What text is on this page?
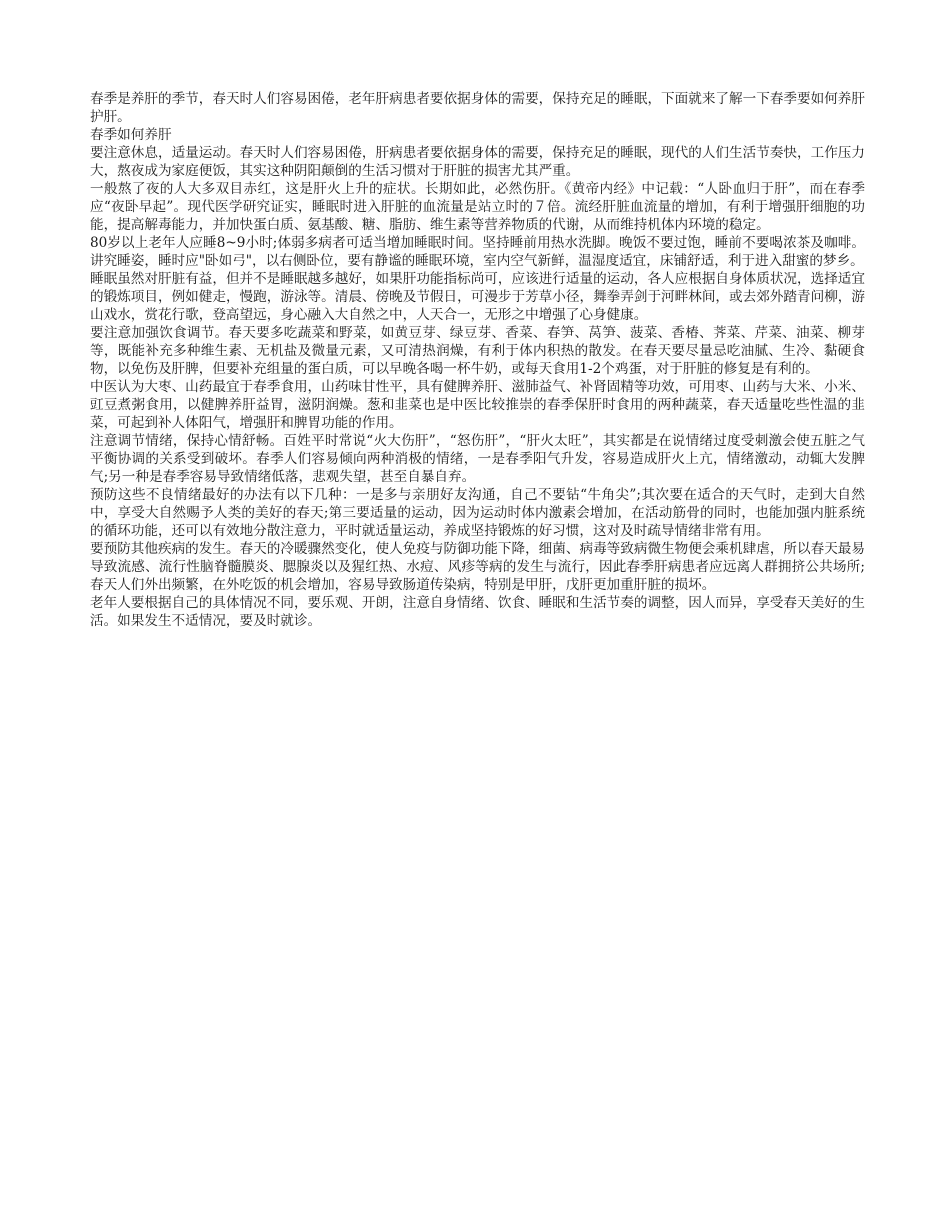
春季是养肝的季节，春天时人们容易困倦，老年肝病患者要依据身体的需要，保持充足的睡眠，下面就来了解一下春季要如何养肝护肝。

春季如何养肝

要注意休息，适量运动。春天时人们容易困倦，肝病患者要依据身体的需要，保持充足的睡眠，现代的人们生活节奏快，工作压力大，熬夜成为家庭便饭，其实这种阴阳颠倒的生活习惯对于肝脏的损害尤其严重。

一般熬了夜的人大多双目赤红，这是肝火上升的症状。长期如此，必然伤肝。《黄帝内经》中记载：“人卧血归于肝”，而在春季应“夜卧早起”。现代医学研究证实，睡眠时进入肝脏的血流量是站立时的７倍。流经肝脏血流量的增加，有利于增强肝细胞的功能，提高解毒能力，并加快蛋白质、氨基酸、糖、脂肪、维生素等营养物质的代谢，从而维持机体内环境的稳定。

80岁以上老年人应睡8~9小时;体弱多病者可适当增加睡眠时间。坚持睡前用热水洗脚。晚饭不要过饱，睡前不要喝浓茶及咖啡。讲究睡姿，睡时应"卧如弓"，以右侧卧位，要有静谧的睡眠环境，室内空气新鲜，温湿度适宜，床铺舒适，利于进入甜蜜的梦乡。

睡眠虽然对肝脏有益，但并不是睡眠越多越好，如果肝功能指标尚可，应该进行适量的运动，各人应根据自身体质状况，选择适宜的锻炼项目，例如健走，慢跑，游泳等。清晨、傍晚及节假日，可漫步于芳草小径，舞拳弄剑于河畔林间，或去郊外踏青问柳，游山戏水，赏花行歌，登高望远，身心融入大自然之中，人天合一，无形之中增强了心身健康。

要注意加强饮食调节。春天要多吃蔬菜和野菜，如黄豆芽、绿豆芽、香菜、春笋、莴笋、菠菜、香椿、荠菜、芹菜、油菜、柳芽等，既能补充多种维生素、无机盐及微量元素，又可清热润燥，有利于体内积热的散发。在春天要尽量忌吃油腻、生冷、黏硬食物，以免伤及肝脾，但要补充组量的蛋白质，可以早晚各喝一杯牛奶，或每天食用1-2个鸡蛋，对于肝脏的修复是有利的。

中医认为大枣、山药最宜于春季食用，山药味甘性平，具有健脾养肝、滋肺益气、补肾固精等功效，可用枣、山药与大米、小米、豇豆煮粥食用，以健脾养肝益胃，滋阴润燥。葱和韭菜也是中医比较推崇的春季保肝时食用的两种蔬菜，春天适量吃些性温的韭菜，可起到补人体阳气，增强肝和脾胃功能的作用。

注意调节情绪，保持心情舒畅。百姓平时常说“火大伤肝”，“怒伤肝”，“肝火太旺”，其实都是在说情绪过度受刺激会使五脏之气平衡协调的关系受到破坏。春季人们容易倾向两种消极的情绪，一是春季阳气升发，容易造成肝火上亢，情绪激动，动辄大发脾气;另一种是春季容易导致情绪低落，悲观失望，甚至自暴自弃。

预防这些不良情绪最好的办法有以下几种：一是多与亲朋好友沟通，自己不要钻“牛角尖”;其次要在适合的天气时，走到大自然中，享受大自然赐予人类的美好的春天;第三要适量的运动，因为运动时体内激素会增加，在活动筋骨的同时，也能加强内脏系统的循环功能，还可以有效地分散注意力，平时就适量运动，养成坚持锻炼的好习惯，这对及时疏导情绪非常有用。

要预防其他疾病的发生。春天的冷暖骤然变化，使人免疫与防御功能下降，细菌、病毒等致病微生物便会乘机肆虐，所以春天最易导致流感、流行性脑脊髓膜炎、腮腺炎以及猩红热、水痘、风疹等病的发生与流行，因此春季肝病患者应远离人群拥挤公共场所;春天人们外出频繁，在外吃饭的机会增加，容易导致肠道传染病，特别是甲肝，戊肝更加重肝脏的损坏。

老年人要根据自己的具体情况不同，要乐观、开朗，注意自身情绪、饮食、睡眠和生活节奏的调整，因人而异，享受春天美好的生活。如果发生不适情况，要及时就诊。
